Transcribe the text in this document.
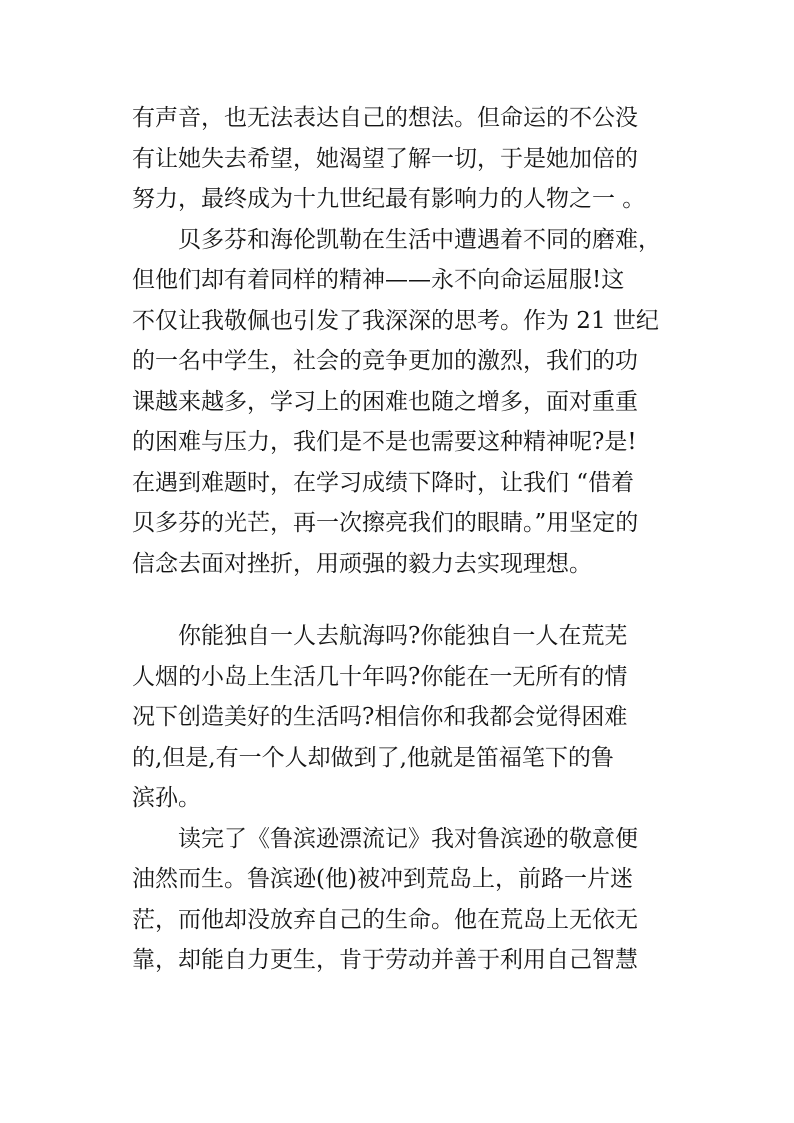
有声音，也无法表达自己的想法。但命运的不公没
有让她失去希望，她渴望了解一切，于是她加倍的
努力，最终成为十九世纪最有影响力的人物之一 。
贝多芬和海伦凯勒在生活中遭遇着不同的磨难，
但他们却有着同样的精神——永不向命运屈服!这
不仅让我敬佩也引发了我深深的思考。作为 21 世纪
的一名中学生，社会的竞争更加的激烈，我们的功
课越来越多，学习上的困难也随之增多，面对重重
的困难与压力，我们是不是也需要这种精神呢?是!
在遇到难题时，在学习成绩下降时，让我们 “借着
贝多芬的光芒，再一次擦亮我们的眼睛。”用坚定的
信念去面对挫折，用顽强的毅力去实现理想。
你能独自一人去航海吗?你能独自一人在荒芜
人烟的小岛上生活几十年吗?你能在一无所有的情
况下创造美好的生活吗?相信你和我都会觉得困难
的,但是,有一个人却做到了,他就是笛福笔下的鲁
滨孙。
读完了《鲁滨逊漂流记》我对鲁滨逊的敬意便
油然而生。鲁滨逊(他)被冲到荒岛上，前路一片迷
茫，而他却没放弃自己的生命。他在荒岛上无依无
靠，却能自力更生，肯于劳动并善于利用自己智慧
